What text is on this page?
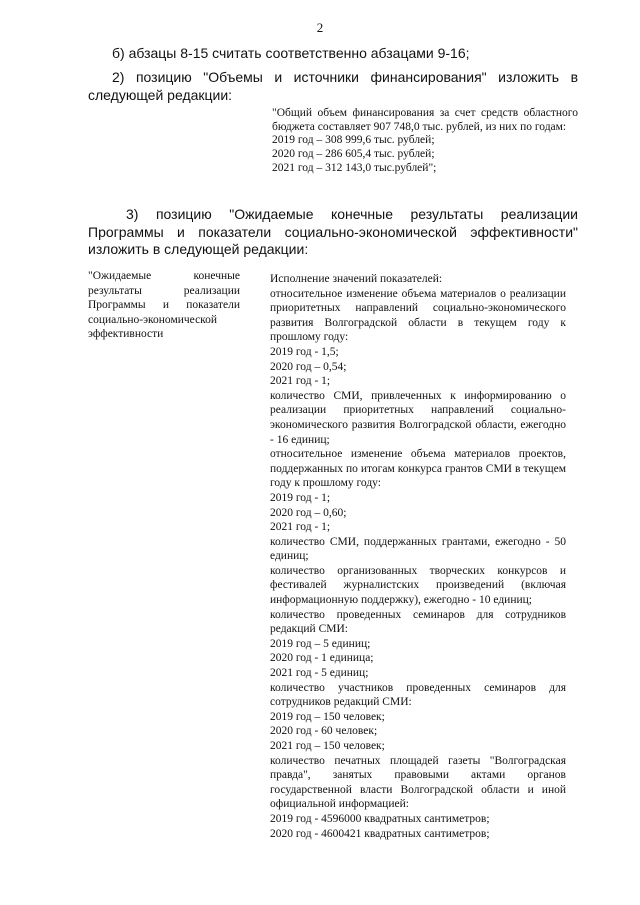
2
б) абзацы 8-15 считать соответственно абзацами 9-16;
2) позицию "Объемы и источники финансирования" изложить в следующей редакции:

"Общий объем финансирования за счет средств областного бюджета составляет 907 748,0 тыс. рублей, из них по годам:

2019 год – 308 999,6 тыс. рублей;

2020 год – 286 605,4 тыс. рублей;

2021 год – 312 143,0 тыс.рублей";

3) позицию "Ожидаемые конечные результаты реализации Программы и показатели социально-экономической эффективности" изложить в следующей редакции:

"Ожидаемые конечные результаты реализации Программы и показатели социально-экономической эффективности

Исполнение значений показателей:

относительное изменение объема материалов о реализации приоритетных направлений социально-экономического развития Волгоградской области в текущем году к прошлому году:

2019 год - 1,5;

2020 год – 0,54;

2021 год - 1;

количество СМИ, привлеченных к информированию о реализации приоритетных направлений социально-экономического развития Волгоградской области, ежегодно - 16 единиц;

относительное изменение объема материалов проектов, поддержанных по итогам конкурса грантов СМИ в текущем году к прошлому году:

2019 год - 1;

2020 год – 0,60;

2021 год - 1;

количество СМИ, поддержанных грантами, ежегодно - 50 единиц;

количество организованных творческих конкурсов и фестивалей журналистских произведений (включая информационную поддержку), ежегодно - 10 единиц;

количество проведенных семинаров для сотрудников редакций СМИ:

2019 год – 5 единиц;

2020 год - 1 единица;

2021 год - 5 единиц;

количество участников проведенных семинаров для сотрудников редакций СМИ:

2019 год – 150 человек;

2020 год - 60 человек;

2021 год – 150 человек;

количество печатных площадей газеты "Волгоградская правда", занятых правовыми актами органов государственной власти Волгоградской области и иной официальной информацией:

2019 год - 4596000 квадратных сантиметров;

2020 год - 4600421 квадратных сантиметров;
